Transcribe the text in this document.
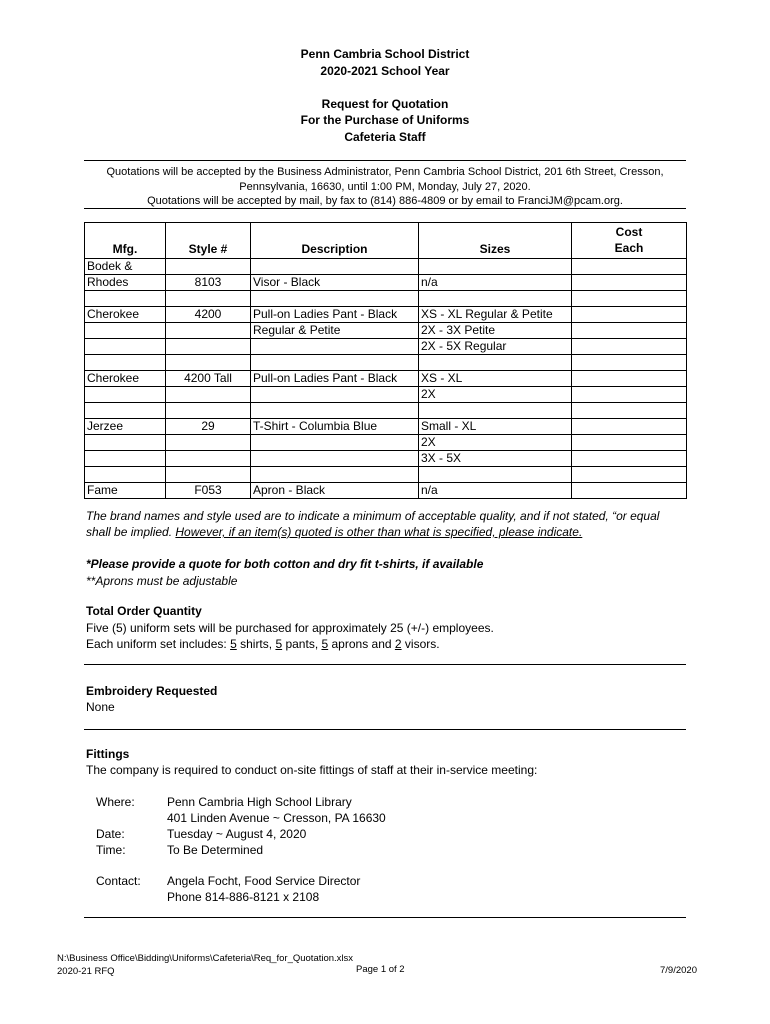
Penn Cambria School District
2020-2021 School Year
Request for Quotation
For the Purchase of Uniforms
Cafeteria Staff
Quotations will be accepted by the Business Administrator, Penn Cambria School District, 201 6th Street, Cresson,
Pennsylvania, 16630, until 1:00 PM, Monday, July 27, 2020.
Quotations will be accepted by mail, by fax to (814) 886-4809 or by email to FranciJM@pcam.org.
Mfg.	Style #	Description	Sizes	Cost
Each
Bodek &				
Rhodes	8103	Visor - Black	n/a	

Cherokee	4200	Pull-on Ladies Pant - Black	XS - XL Regular & Petite	
		Regular & Petite	2X - 3X Petite	
			2X - 5X Regular	

Cherokee	4200 Tall	Pull-on Ladies Pant - Black	XS - XL	
			2X	

Jerzee	29	T-Shirt - Columbia Blue	Small - XL	
			2X	
			3X - 5X	

Fame	F053	Apron - Black	n/a	
The brand names and style used are to indicate a minimum of acceptable quality, and if not stated, “or equal
shall be implied. However, if an item(s) quoted is other than what is specified, please indicate.
*Please provide a quote for both cotton and dry fit t-shirts, if available
**Aprons must be adjustable
Total Order Quantity
Five (5) uniform sets will be purchased for approximately 25 (+/-) employees.
Each uniform set includes: 5 shirts, 5 pants, 5 aprons and 2 visors.
Embroidery Requested
None
Fittings
The company is required to conduct on-site fittings of staff at their in-service meeting:
Where:	Penn Cambria High School Library
401 Linden Avenue ~ Cresson, PA 16630
Date:	Tuesday ~ August 4, 2020
Time:	To Be Determined
Contact: Angela Focht, Food Service Director
Phone 814-886-8121 x 2108
N:\Business Office\Bidding\Uniforms\Cafeteria\Req_for_Quotation.xlsx
2020-21 RFQ	Page 1 of 2	7/9/2020
